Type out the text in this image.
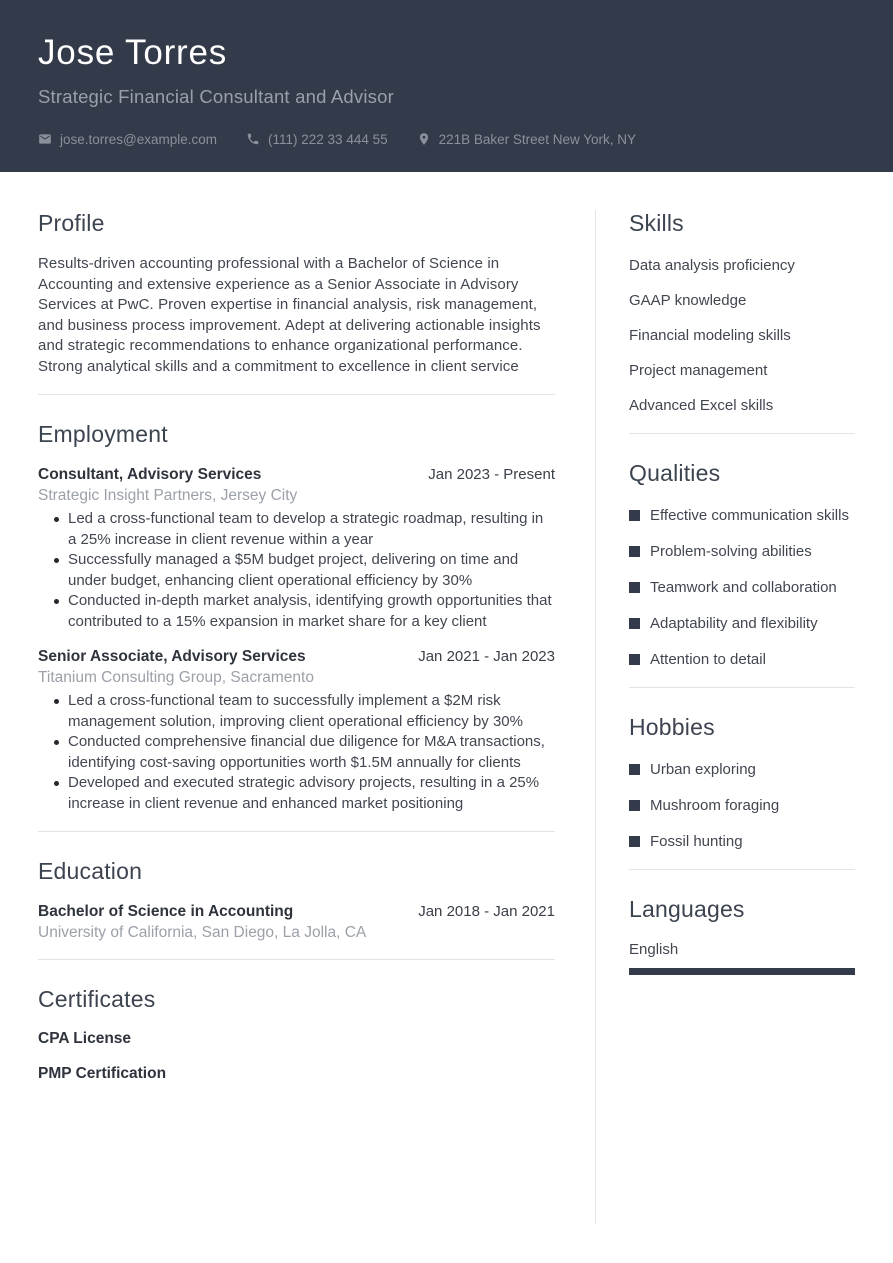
Jose Torres
Strategic Financial Consultant and Advisor
jose.torres@example.com	(111) 222 33 444 55	221B Baker Street New York, NY
Profile

Results-driven accounting professional with a Bachelor of Science in Accounting and extensive experience as a Senior Associate in Advisory Services at PwC. Proven expertise in financial analysis, risk management, and business process improvement. Adept at delivering actionable insights and strategic recommendations to enhance organizational performance. Strong analytical skills and a commitment to excellence in client service

Employment
Consultant, Advisory Services	Jan 2023 - Present
Strategic Insight Partners, Jersey City
Led a cross-functional team to develop a strategic roadmap, resulting in a 25% increase in client revenue within a year
Successfully managed a $5M budget project, delivering on time and under budget, enhancing client operational efficiency by 30%
Conducted in-depth market analysis, identifying growth opportunities that contributed to a 15% expansion in market share for a key client
Senior Associate, Advisory Services	Jan 2021 - Jan 2023
Titanium Consulting Group, Sacramento
Led a cross-functional team to successfully implement a $2M risk management solution, improving client operational efficiency by 30%
Conducted comprehensive financial due diligence for M&A transactions, identifying cost-saving opportunities worth $1.5M annually for clients
Developed and executed strategic advisory projects, resulting in a 25% increase in client revenue and enhanced market positioning
Education
Bachelor of Science in Accounting	Jan 2018 - Jan 2021
University of California, San Diego, La Jolla, CA
Certificates
CPA License
PMP Certification
Skills
Data analysis proficiency
GAAP knowledge
Financial modeling skills
Project management
Advanced Excel skills
Qualities
Effective communication skills
Problem-solving abilities
Teamwork and collaboration
Adaptability and flexibility
Attention to detail
Hobbies
Urban exploring
Mushroom foraging
Fossil hunting
Languages
English
